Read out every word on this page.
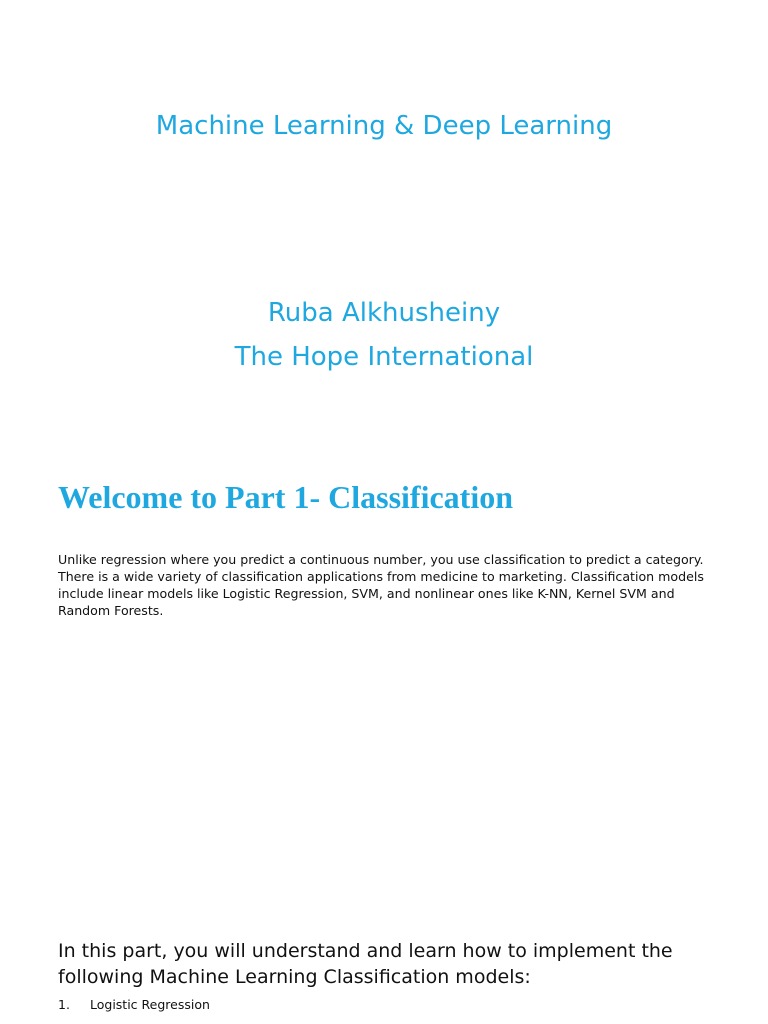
Machine Learning & Deep Learning
Ruba Alkhusheiny
The Hope International
Welcome to Part 1- Classification

Unlike regression where you predict a continuous number, you use classification to predict a category. There is a wide variety of classification applications from medicine to marketing. Classification models include linear models like Logistic Regression, SVM, and nonlinear ones like K-NN, Kernel SVM and Random Forests.

In this part, you will understand and learn how to implement the following Machine Learning Classification models:

1.	Logistic Regression
